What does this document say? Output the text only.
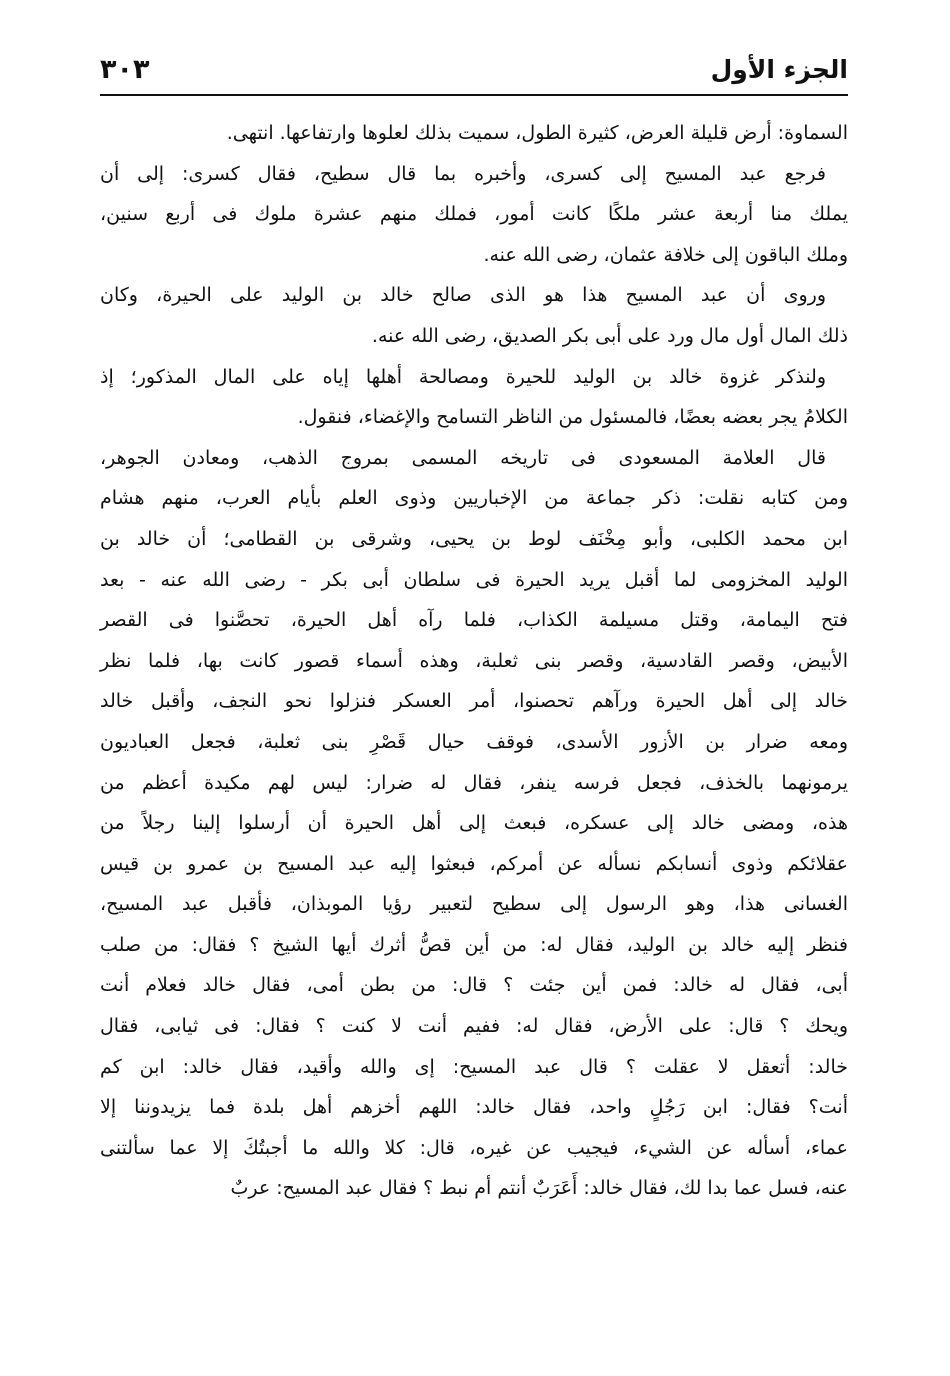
الجزء الأول
٣٠٣

السماوة: أرض قليلة العرض، كثيرة الطول، سميت بذلك لعلوها وارتفاعها. انتهى.

فرجع عبد المسيح إلى كسرى، وأخبره بما قال سطيح، فقال كسرى: إلى أن
يملك منا أربعة عشر ملكًا كانت أمور، فملك منهم عشرة ملوك فى أربع سنين،
وملك الباقون إلى خلافة عثمان، رضى الله عنه.

وروى أن عبد المسيح هذا هو الذى صالح خالد بن الوليد على الحيرة، وكان
ذلك المال أول مال ورد على أبى بكر الصديق، رضى الله عنه.

ولنذكر غزوة خالد بن الوليد للحيرة ومصالحة أهلها إياه على المال المذكور؛ إذ
الكلامُ يجر بعضه بعضًا، فالمسئول من الناظر التسامح والإغضاء، فنقول.

قال العلامة المسعودى فى تاريخه المسمى بمروج الذهب، ومعادن الجوهر،
ومن كتابه نقلت: ذكر جماعة من الإخباريين وذوى العلم بأيام العرب، منهم هشام
ابن محمد الكلبى، وأبو مِخْنَف لوط بن يحيى، وشرقى بن القطامى؛ أن خالد بن
الوليد المخزومى لما أقبل يريد الحيرة فى سلطان أبى بكر - رضى الله عنه - بعد
فتح اليمامة، وقتل مسيلمة الكذاب، فلما رآه أهل الحيرة، تحصَّنوا فى القصر
الأبيض، وقصر القادسية، وقصر بنى ثعلبة، وهذه أسماء قصور كانت بها، فلما نظر
خالد إلى أهل الحيرة ورآهم تحصنوا، أمر العسكر فنزلوا نحو النجف، وأقبل خالد
ومعه ضرار بن الأزور الأسدى، فوقف حيال قَصْرِ بنى ثعلبة، فجعل العباديون
يرمونهما بالخذف، فجعل فرسه ينفر، فقال له ضرار: ليس لهم مكيدة أعظم من
هذه، ومضى خالد إلى عسكره، فبعث إلى أهل الحيرة أن أرسلوا إلينا رجلاً من
عقلائكم وذوى أنسابكم نسأله عن أمركم، فبعثوا إليه عبد المسيح بن عمرو بن قيس
الغسانى هذا، وهو الرسول إلى سطيح لتعبير رؤيا الموبذان، فأقبل عبد المسيح،
فنظر إليه خالد بن الوليد، فقال له: من أين قصُّ أثرك أيها الشيخ ؟ فقال: من صلب
أبى، فقال له خالد: فمن أين جئت ؟ قال: من بطن أمى، فقال خالد فعلام أنت
ويحك ؟ قال: على الأرض، فقال له: ففيم أنت لا كنت ؟ فقال: فى ثيابى، فقال
خالد: أتعقل لا عقلت ؟ قال عبد المسيح: إى والله وأقيد، فقال خالد: ابن كم
أنت؟ فقال: ابن رَجُلٍ واحد، فقال خالد: اللهم أخزهم أهل بلدة فما يزيدوننا إلا
عماء، أسأله عن الشيء، فيجيب عن غيره، قال: كلا والله ما أجبتُكَ إلا عما سألتنى
عنه، فسل عما بدا لك، فقال خالد: أَعَرَبٌ أنتم أم نبط ؟ فقال عبد المسيح: عربٌ
